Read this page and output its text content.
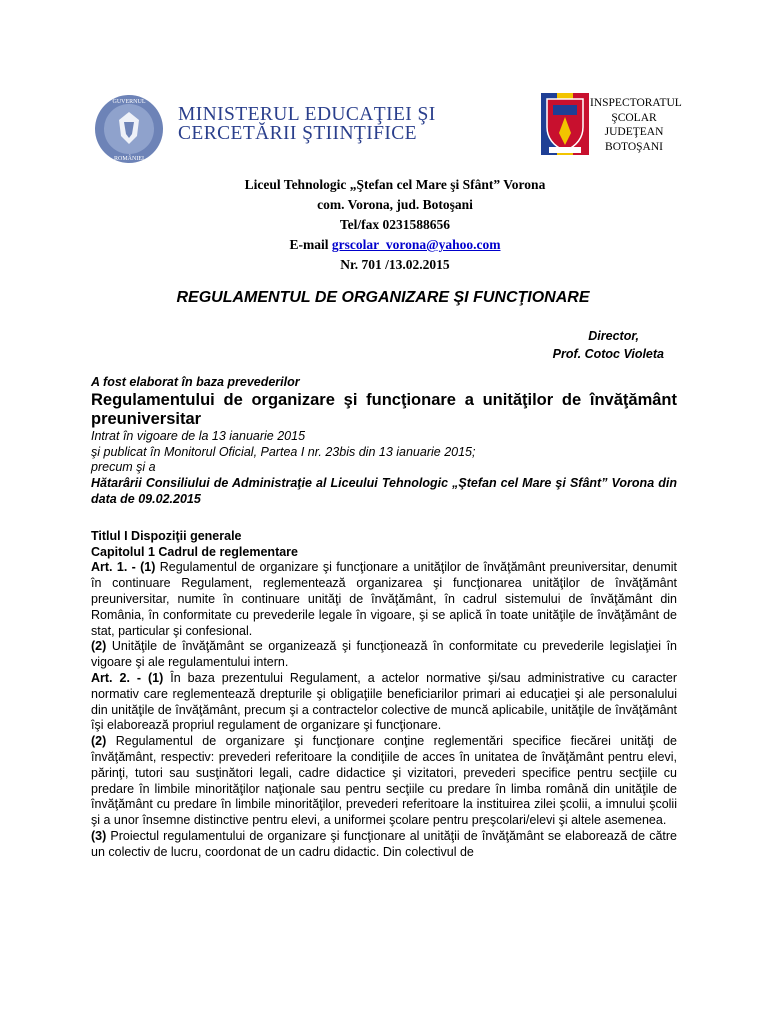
GUVERNUL
ROMÂNIEI
MINISTERUL EDUCAŢIEI ŞI
CERCETĂRII ŞTIINŢIFICE
INSPECTORATUL
ŞCOLAR
JUDEŢEAN
BOTOŞANI
Liceul Tehnologic „Ştefan cel Mare şi Sfânt” Vorona
com. Vorona, jud. Botoşani
Tel/fax 0231588656
E-mail grscolar_vorona@yahoo.com
Nr. 701 /13.02.2015
REGULAMENTUL DE ORGANIZARE ŞI FUNCŢIONARE
Director,
Prof. Cotoc Violeta

A fost elaborat în baza prevederilor

Regulamentului de organizare şi funcţionare a unităţilor de învăţământ preuniversitar

Intrat în vigoare de la 13 ianuarie 2015

şi publicat în Monitorul Oficial, Partea I nr. 23bis din 13 ianuarie 2015;

precum şi a

Hătarârii Consiliului de Administraţie al Liceului Tehnologic „Ştefan cel Mare şi Sfânt” Vorona din data de 09.02.2015

Titlul I Dispoziţii generale

Capitolul 1 Cadrul de reglementare

Art. 1. - (1) Regulamentul de organizare şi funcţionare a unităţilor de învăţământ preuniversitar, denumit în continuare Regulament, reglementează organizarea şi funcţionarea unităţilor de învăţământ preuniversitar, numite în continuare unităţi de învăţământ, în cadrul sistemului de învăţământ din România, în conformitate cu prevederile legale în vigoare, şi se aplică în toate unităţile de învăţământ de stat, particular şi confesional.

(2) Unităţile de învăţământ se organizează şi funcţionează în conformitate cu prevederile legislaţiei în vigoare şi ale regulamentului intern.

Art. 2. - (1) În baza prezentului Regulament, a actelor normative şi/sau administrative cu caracter normativ care reglementează drepturile şi obligaţiile beneficiarilor primari ai educaţiei şi ale personalului din unităţile de învăţământ, precum şi a contractelor colective de muncă aplicabile, unităţile de învăţământ îşi elaborează propriul regulament de organizare şi funcţionare.

(2) Regulamentul de organizare şi funcţionare conţine reglementări specifice fiecărei unităţi de învăţământ, respectiv: prevederi referitoare la condiţiile de acces în unitatea de învăţământ pentru elevi, părinţi, tutori sau susţinători legali, cadre didactice şi vizitatori, prevederi specifice pentru secţiile cu predare în limbile minorităţilor naţionale sau pentru secţiile cu predare în limba română din unităţile de învăţământ cu predare în limbile minorităţilor, prevederi referitoare la instituirea zilei şcolii, a imnului şcolii şi a unor însemne distinctive pentru elevi, a uniformei şcolare pentru preşcolari/elevi şi altele asemenea.

(3) Proiectul regulamentului de organizare şi funcţionare al unităţii de învăţământ se elaborează de către un colectiv de lucru, coordonat de un cadru didactic. Din colectivul de
